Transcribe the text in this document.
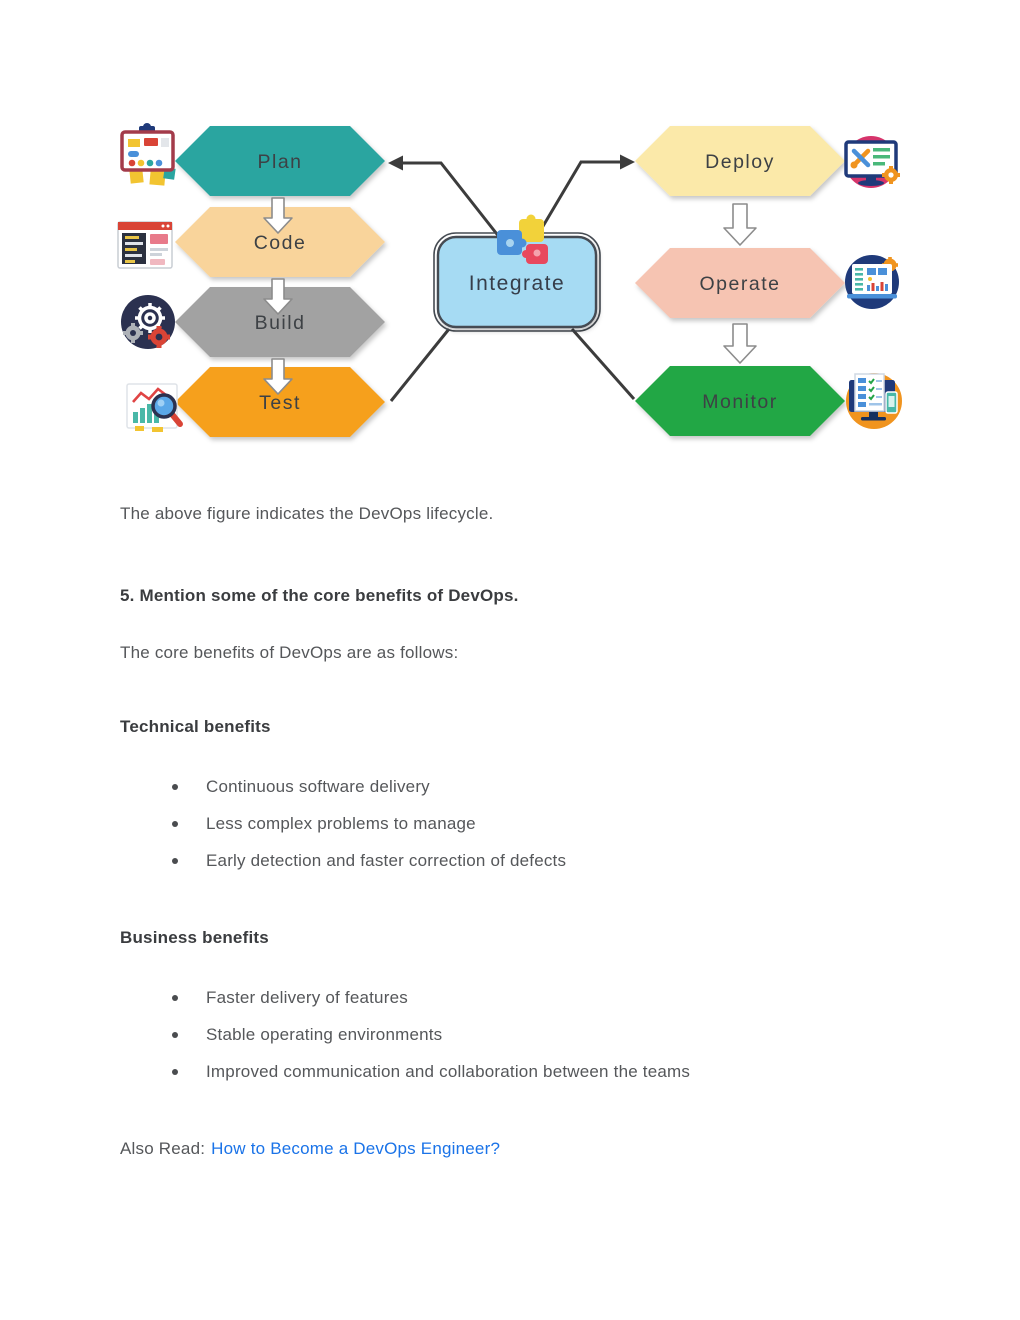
Plan
Code
Build
Test
Deploy
Operate
Monitor
Integrate
The above figure indicates the DevOps lifecycle.
5. Mention some of the core benefits of DevOps.
The core benefits of DevOps are as follows:
Technical benefits
Continuous software delivery
Less complex problems to manage
Early detection and faster correction of defects
Business benefits
Faster delivery of features
Stable operating environments
Improved communication and collaboration between the teams
Also Read: How to Become a DevOps Engineer?
